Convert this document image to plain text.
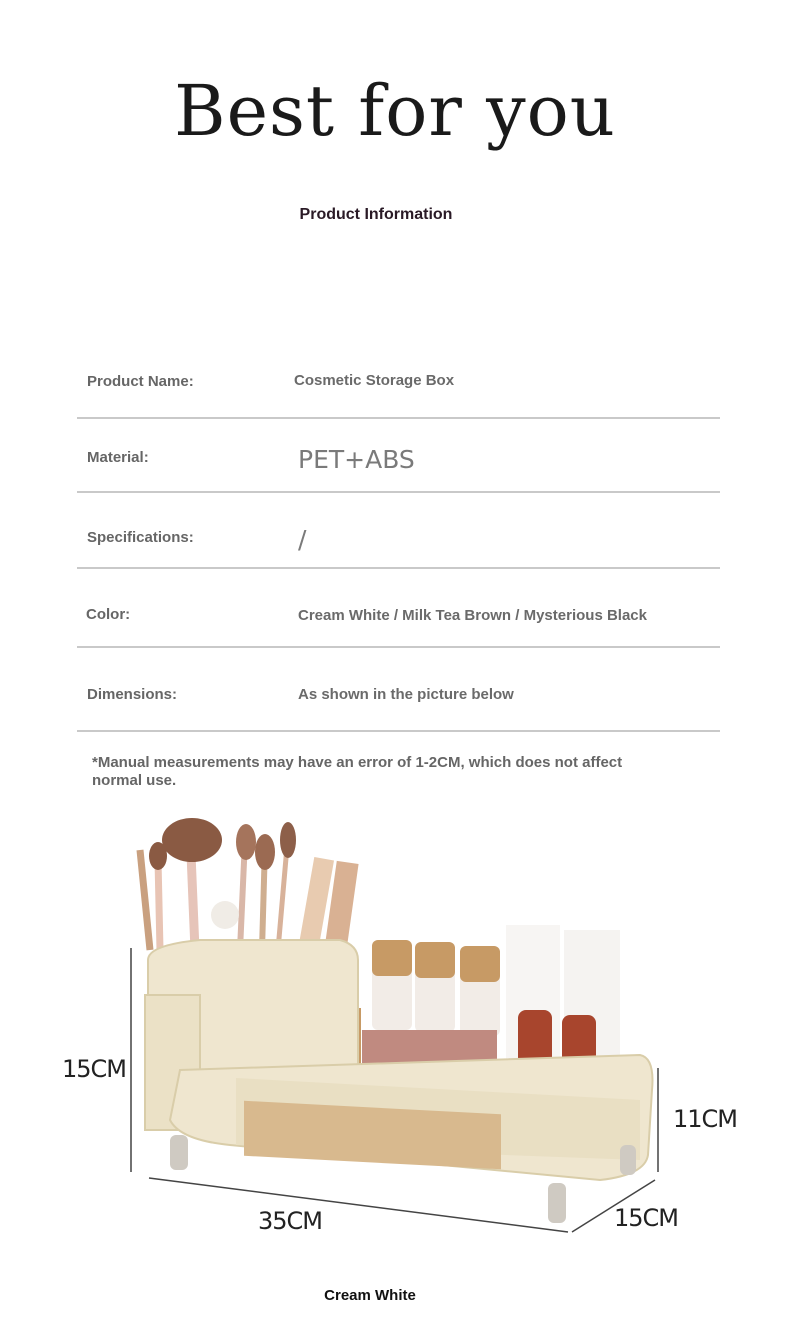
Best for you
Product Information
Product Name:	Cosmetic Storage Box
Material:	PET+ABS
Specifications:	/
Color:	Cream White / Milk Tea Brown / Mysterious Black
Dimensions:	As shown in the picture below
*Manual measurements may have an error of 1-2CM, which does not affect normal use.
15CM
35CM	15CM
11CM
Cream White
